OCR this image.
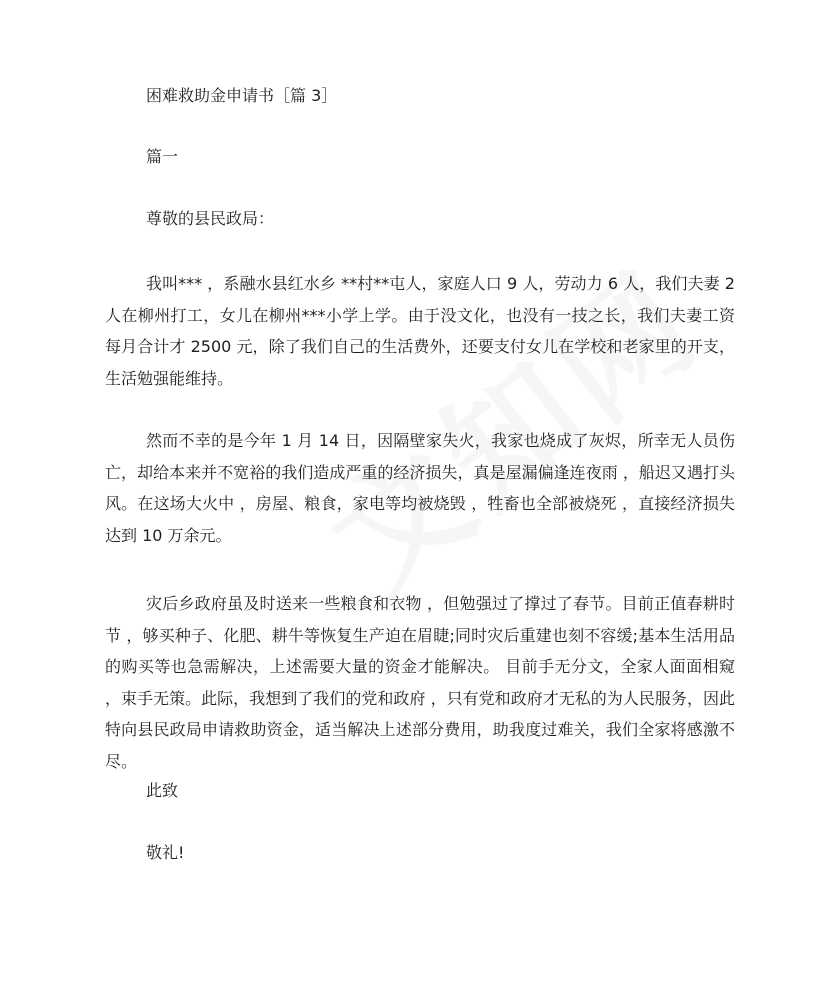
困难救助金申请书［篇 3］
篇一
尊敬的县民政局：
我叫*** ，系融水县红水乡 **村**屯人，家庭人口 9 人，劳动力 6 人，我们夫妻 2 人在柳州打工，女儿在柳州***小学上学。由于没文化，也没有一技之长，我们夫妻工资每月合计才 2500 元，除了我们自己的生活费外，还要支付女儿在学校和老家里的开支，生活勉强能维持。
然而不幸的是今年 1 月 14 日，因隔壁家失火，我家也烧成了灰烬，所幸无人员伤亡，却给本来并不宽裕的我们造成严重的经济损失，真是屋漏偏逢连夜雨 ，船迟又遇打头风。在这场大火中 ，房屋、粮食，家电等均被烧毁 ，牲畜也全部被烧死 ，直接经济损失达到 10 万余元。
灾后乡政府虽及时送来一些粮食和衣物 ，但勉强过了撑过了春节。目前正值春耕时节 ，够买种子、化肥、耕牛等恢复生产迫在眉睫;同时灾后重建也刻不容缓;基本生活用品的购买等也急需解决，上述需要大量的资金才能解决。 目前手无分文，全家人面面相窥 ，束手无策。此际，我想到了我们的党和政府 ，只有党和政府才无私的为人民服务，因此特向县民政局申请救助资金，适当解决上述部分费用，助我度过难关，我们全家将感激不尽。
此致
敬礼!
